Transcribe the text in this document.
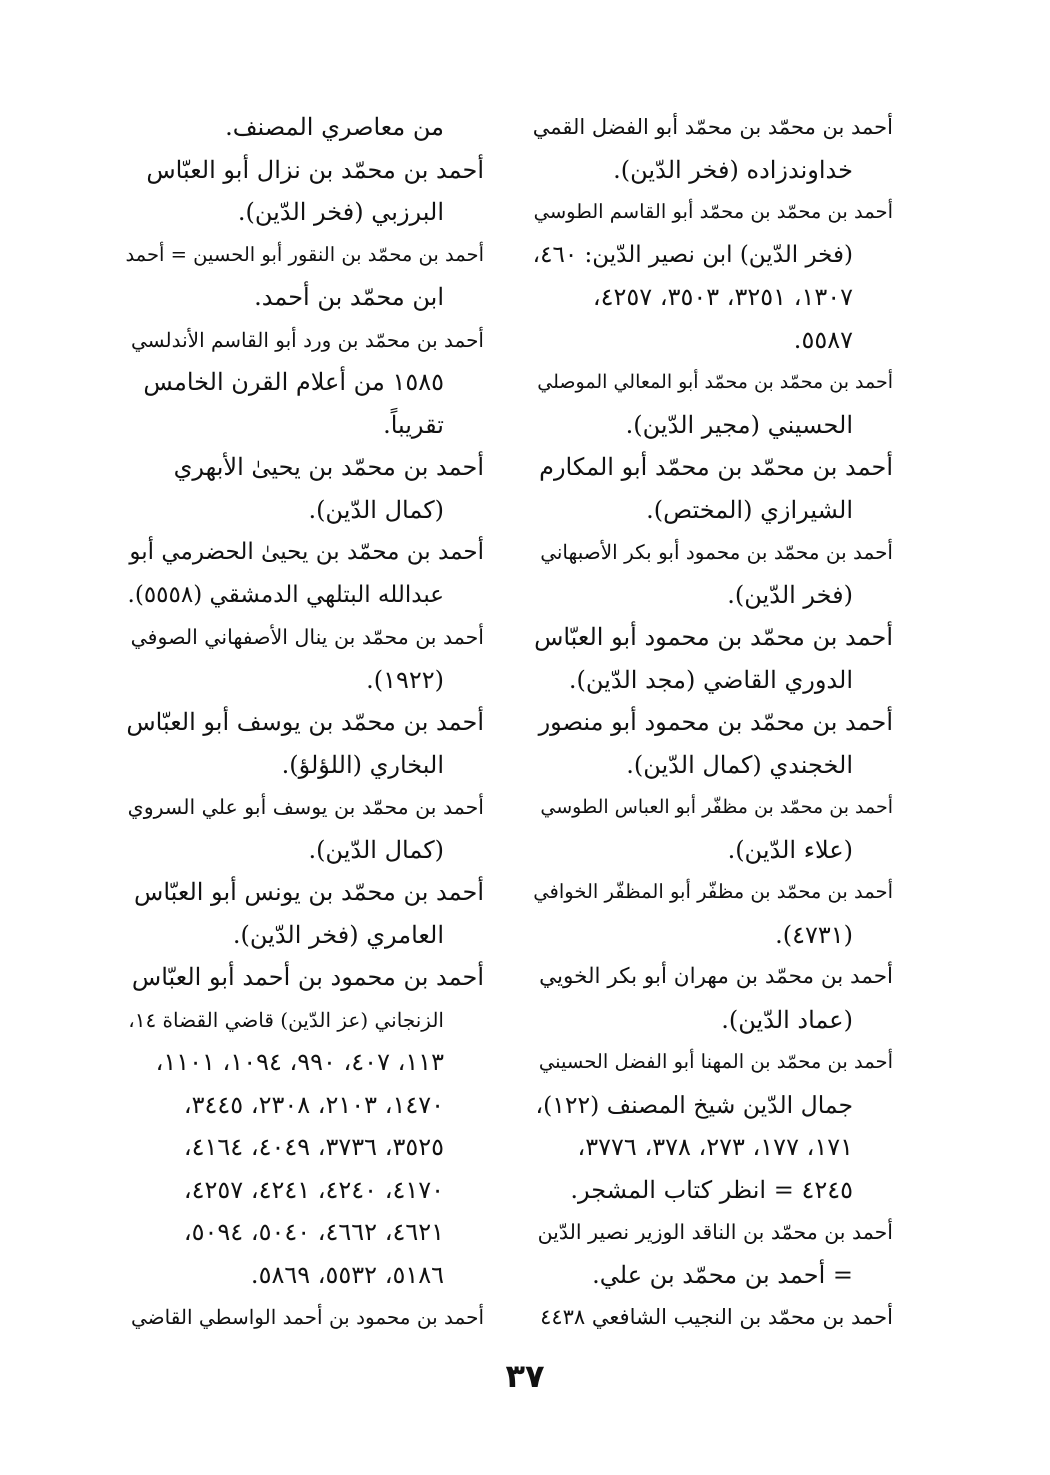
أحمد بن محمّد بن محمّد أبو الفضل القمي
خداوندزاده (فخر الدّين).
أحمد بن محمّد بن محمّد أبو القاسم الطوسي
(فخر الدّين) ابن نصير الدّين: ٤٦٠،
١٣٠٧، ٣٢٥١، ٣٥٠٣، ٤٢٥٧،
٥٥٨٧.
أحمد بن محمّد بن محمّد أبو المعالي الموصلي
الحسيني (مجير الدّين).
أحمد بن محمّد بن محمّد أبو المكارم
الشيرازي (المختص).
أحمد بن محمّد بن محمود أبو بكر الأصبهاني
(فخر الدّين).
أحمد بن محمّد بن محمود أبو العبّاس
الدوري القاضي (مجد الدّين).
أحمد بن محمّد بن محمود أبو منصور
الخجندي (كمال الدّين).
أحمد بن محمّد بن مظفّر أبو العباس الطوسي
(علاء الدّين).
أحمد بن محمّد بن مظفّر أبو المظفّر الخوافي
(٤٧٣١).
أحمد بن محمّد بن مهران أبو بكر الخويي
(عماد الدّين).
أحمد بن محمّد بن المهنا أبو الفضل الحسيني
جمال الدّين شيخ المصنف (١٢٢)،
١٧١، ١٧٧، ٢٧٣، ٣٧٨، ٣٧٧٦،
٤٢٤٥ = انظر كتاب المشجر.
أحمد بن محمّد بن الناقد الوزير نصير الدّين
= أحمد بن محمّد بن علي.
أحمد بن محمّد بن النجيب الشافعي ٤٤٣٨
من معاصري المصنف.
أحمد بن محمّد بن نزال أبو العبّاس
البرزبي (فخر الدّين).
أحمد بن محمّد بن النقور أبو الحسين = أحمد
ابن محمّد بن أحمد.
أحمد بن محمّد بن ورد أبو القاسم الأندلسي
١٥٨٥ من أعلام القرن الخامس
تقريباً.
أحمد بن محمّد بن يحيىٰ الأبهري
(كمال الدّين).
أحمد بن محمّد بن يحيىٰ الحضرمي أبو
عبدالله البتلهي الدمشقي (٥٥٥٨).
أحمد بن محمّد بن ينال الأصفهاني الصوفي
(١٩٢٢).
أحمد بن محمّد بن يوسف أبو العبّاس
البخاري (اللؤلؤ).
أحمد بن محمّد بن يوسف أبو علي السروي
(كمال الدّين).
أحمد بن محمّد بن يونس أبو العبّاس
العامري (فخر الدّين).
أحمد بن محمود بن أحمد أبو العبّاس
الزنجاني (عز الدّين) قاضي القضاة ١٤،
١١٣، ٤٠٧، ٩٩٠، ١٠٩٤، ١١٠١،
١٤٧٠، ٢١٠٣، ٢٣٠٨، ٣٤٤٥،
٣٥٢٥، ٣٧٣٦، ٤٠٤٩، ٤١٦٤،
٤١٧٠، ٤٢٤٠، ٤٢٤١، ٤٢٥٧،
٤٦٢١، ٤٦٦٢، ٥٠٤٠، ٥٠٩٤،
٥١٨٦، ٥٥٣٢، ٥٨٦٩.
أحمد بن محمود بن أحمد الواسطي القاضي
٣٧
